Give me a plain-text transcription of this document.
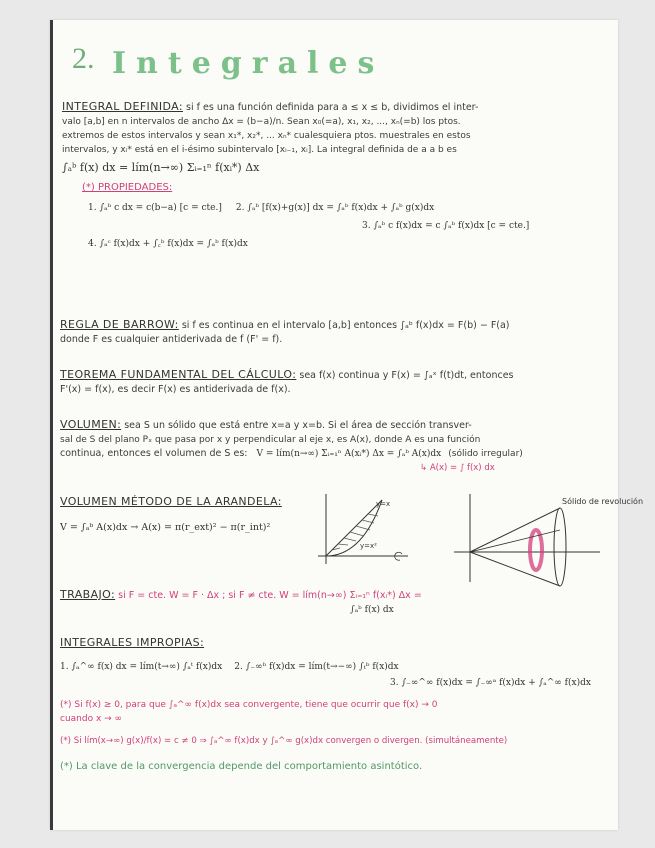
2. Integrales
INTEGRAL DEFINIDA: si f es una función definida para a ≤ x ≤ b, dividimos el inter-
valo [a,b] en n intervalos de ancho Δx = (b−a)/n. Sean x₀(=a), x₁, x₂, ..., xₙ(=b) los ptos.
extremos de estos intervalos y sean x₁*, x₂*, ... xₙ* cualesquiera ptos. muestrales en estos
intervalos, y xᵢ* está en el i-ésimo subintervalo [xᵢ₋₁, xᵢ]. La integral definida de a a b es
∫ₐᵇ f(x) dx = lím(n→∞) Σᵢ₌₁ⁿ f(xᵢ*) Δx
(*) PROPIEDADES:
1. ∫ₐᵇ c dx = c(b−a) [c = cte.] 2. ∫ₐᵇ [f(x)+g(x)] dx = ∫ₐᵇ f(x)dx + ∫ₐᵇ g(x)dx
3. ∫ₐᵇ c f(x)dx = c ∫ₐᵇ f(x)dx [c = cte.]
4. ∫ₐᶜ f(x)dx + ∫꜀ᵇ f(x)dx = ∫ₐᵇ f(x)dx
REGLA DE BARROW: si f es continua en el intervalo [a,b] entonces ∫ₐᵇ f(x)dx = F(b) − F(a)
donde F es cualquier antiderivada de f (F' = f).
TEOREMA FUNDAMENTAL DEL CÁLCULO: sea f(x) continua y F(x) = ∫ₐˣ f(t)dt, entonces
F'(x) = f(x), es decir F(x) es antiderivada de f(x).
VOLUMEN: sea S un sólido que está entre x=a y x=b. Si el área de sección transver-
sal de S del plano Pₓ que pasa por x y perpendicular al eje x, es A(x), donde A es una función
continua, entonces el volumen de S es: V = lím(n→∞) Σᵢ₌₁ⁿ A(xᵢ*) Δx = ∫ₐᵇ A(x)dx (sólido irregular)
↳ A(x) = ∫ f(x) dx
VOLUMEN MÉTODO DE LA ARANDELA:
V = ∫ₐᵇ A(x)dx → A(x) = π(r_ext)² − π(r_int)²
y=x
y=x²
Sólido de revolución
TRABAJO: si F = cte. W = F · Δx ; si F ≠ cte. W = lím(n→∞) Σᵢ₌₁ⁿ f(xᵢ*) Δx =
∫ₐᵇ f(x) dx
INTEGRALES IMPROPIAS:
1. ∫ₐ^∞ f(x) dx = lím(t→∞) ∫ₐᵗ f(x)dx 2. ∫₋∞ᵇ f(x)dx = lím(t→−∞) ∫ₜᵇ f(x)dx
3. ∫₋∞^∞ f(x)dx = ∫₋∞ᵃ f(x)dx + ∫ₐ^∞ f(x)dx
(*) Si f(x) ≥ 0, para que ∫ₐ^∞ f(x)dx sea convergente, tiene que ocurrir que f(x) → 0
cuando x → ∞
(*) Si lím(x→∞) g(x)/f(x) = c ≠ 0 ⇒ ∫ₐ^∞ f(x)dx y ∫ₐ^∞ g(x)dx convergen o divergen. (simultáneamente)
(*) La clave de la convergencia depende del comportamiento asintótico.
